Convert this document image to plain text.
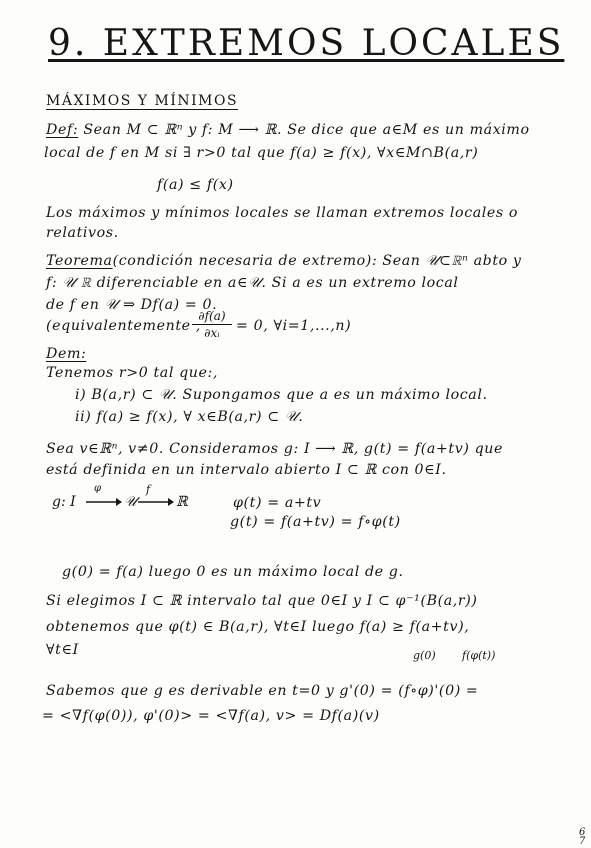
9. EXTREMOS LOCALES
MÁXIMOS Y MÍNIMOS
Def: Sean M ⊂ ℝⁿ y f: M ⟶ ℝ. Se dice que a∈M es un máximo
local de f en M si ∃ r>0 tal que f(a) ≥ f(x), ∀x∈M∩B(a,r)
f(a) ≤ f(x)
Los máximos y mínimos locales se llaman extremos locales o
relativos.
Teorema(condición necesaria de extremo): Sean 𝒰⊂ℝⁿ abto y
f: 𝒰 ℝ diferenciable en a∈𝒰. Si a es un extremo local
de f en 𝒰 ⇒ Df(a) = 0.
(equivalentemente ,
$\frac{\partial f(a)}{\text{∂xᵢ}} = 0$, ∀i=1,...,n)
Dem:
Tenemos r>0 tal que:,
i) B(a,r) ⊂ 𝒰. Supongamos que a es un máximo local.
ii) f(a) ≥ f(x), ∀ x∈B(a,r) ⊂ 𝒰.
Sea v∈ℝⁿ, v≠0. Consideramos g: I ⟶ ℝ, g(t) = f(a+tv) que
está definida en un intervalo abierto I ⊂ ℝ con 0∈I.
g: I
φ
𝒰
f
ℝ	φ(t) = a+tv
g(t) = f(a+tv) = f∘φ(t)
g(0) = f(a) luego 0 es un máximo local de g.
Si elegimos I ⊂ ℝ intervalo tal que 0∈I y I ⊂ φ⁻¹(B(a,r))
obtenemos que φ(t) ∈ B(a,r), ∀t∈I luego f(a) ≥ f(a+tv),
∀t∈I	g(0) f(φ(t))
Sabemos que g es derivable en t=0 y g'(0) = (f∘φ)'(0) =
= <∇f(φ(0)), φ'(0)> = <∇f(a), v> = Df(a)(v)
67
